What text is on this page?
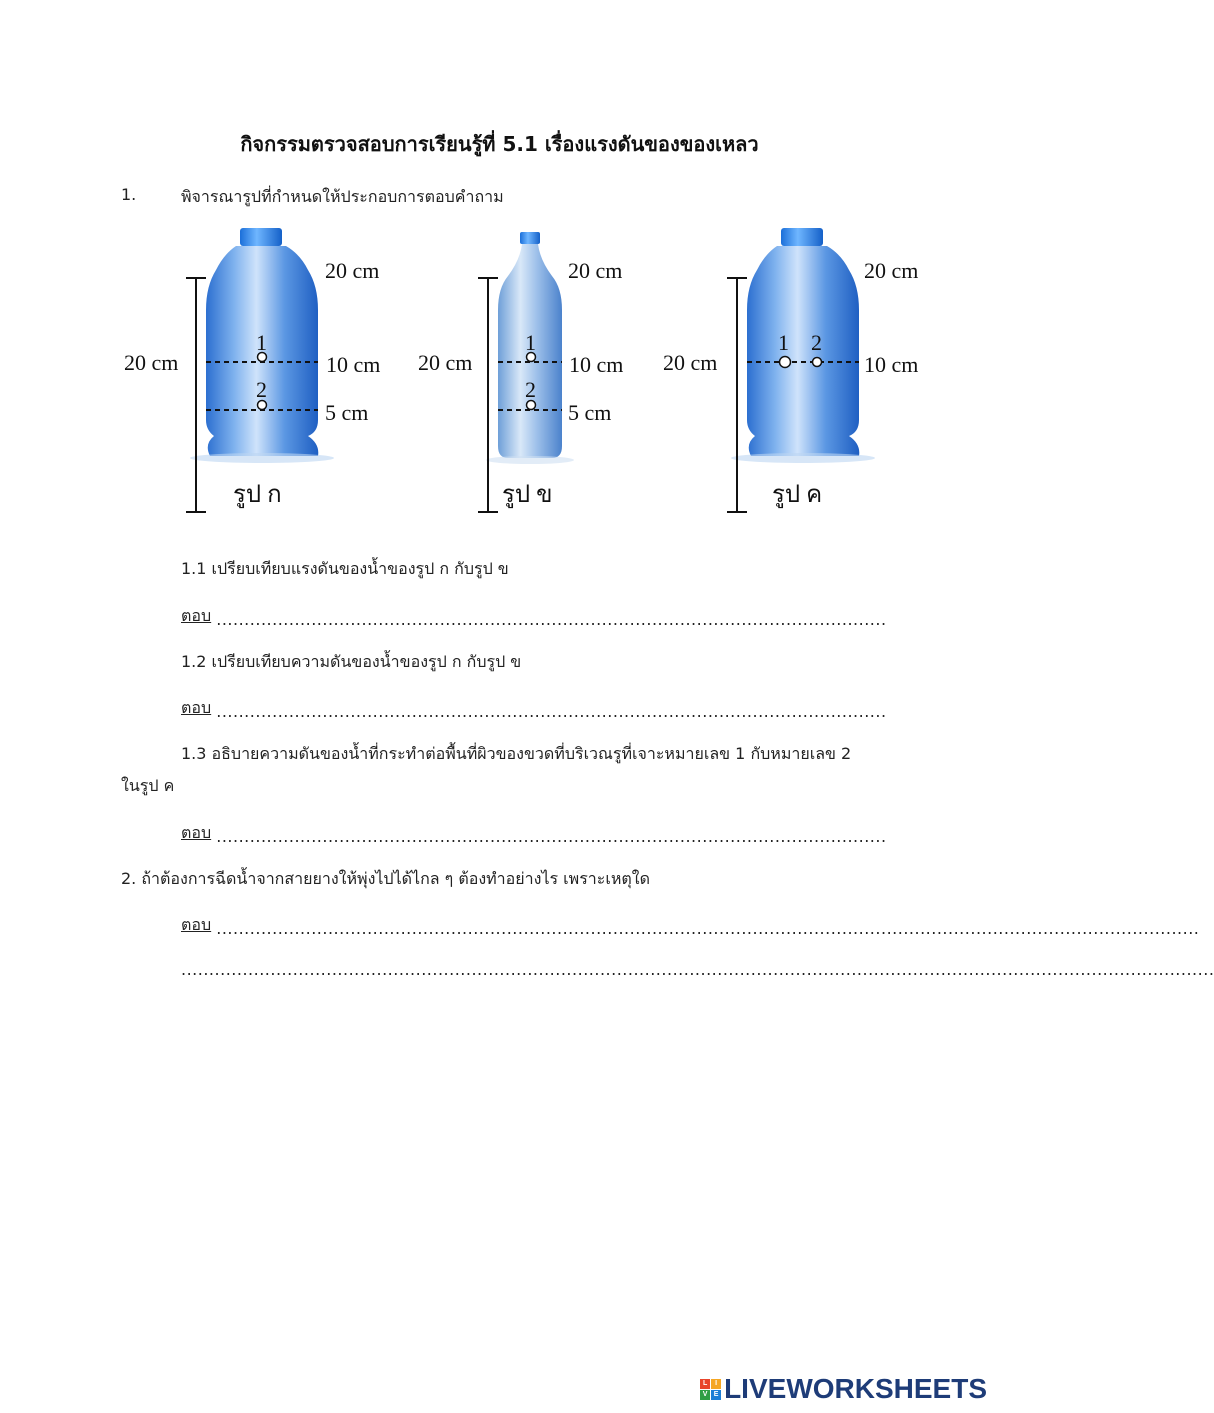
กิจกรรมตรวจสอบการเรียนรู้ที่ 5.1 เรื่องแรงดันของของเหลว
1.	พิจารณารูปที่กำหนดให้ประกอบการตอบคำถาม
20 cm
20 cm	10 cm
5 cm
1
2
รูป ก
20 cm
20 cm	10 cm
5 cm
1
2
รูป ข
20 cm
20 cm	10 cm
1 2
รูป ค
1.1 เปรียบเทียบแรงดันของน้ำของรูป ก กับรูป ข
ตอบ ........................................................................................................................
1.2 เปรียบเทียบความดันของน้ำของรูป ก กับรูป ข
ตอบ ........................................................................................................................
1.3 อธิบายความดันของน้ำที่กระทำต่อพื้นที่ผิวของขวดที่บริเวณรูที่เจาะหมายเลข 1 กับหมายเลข 2
ในรูป ค
ตอบ ........................................................................................................................
2. ถ้าต้องการฉีดน้ำจากสายยางให้พุ่งไปได้ไกล ๆ ต้องทำอย่างไร เพราะเหตุใด
ตอบ ................................................................................................................................................................................
.........................................................................................................................................................................................
L	I
V E LIVEWORKSHEETS
